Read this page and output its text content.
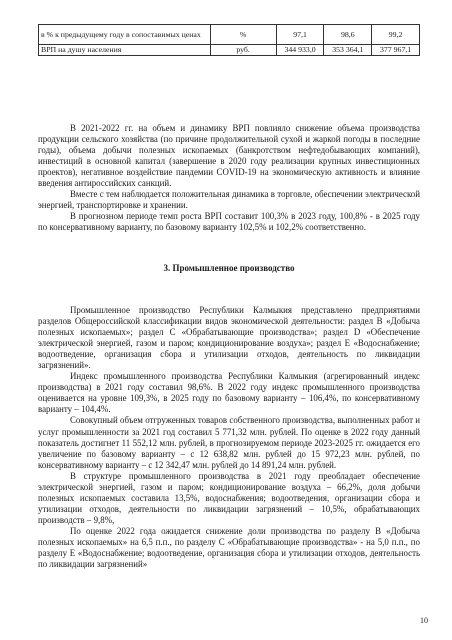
в % к предыдущему году в сопоставимых ценах	%	97,1	98,6	99,2
ВРП на душу населения	руб.	344 933,0	353 364,1	377 967,1

В 2021-2022 гг. на объем и динамику ВРП повлияло снижение объема производства продукции сельского хозяйства (по причине продолжительной сухой и жаркой погоды в последние годы), объема добычи полезных ископаемых (банкротством нефтедобывающих компаний), инвестиций в основной капитал (завершение в 2020 году реализации крупных инвестиционных проектов), негативное воздействие пандемии COVID-19 на экономическую активность и влияние введения антироссийских санкций.

Вместе с тем наблюдается положительная динамика в торговле, обеспечении электрической энергией, транспортировке и хранении.

В прогнозном периоде темп роста ВРП составит 100,3% в 2023 году, 100,8% - в 2025 году по консервативному варианту, по базовому варианту 102,5% и 102,2% соответственно.

3. Промышленное производство

Промышленное производство Республики Калмыкия представлено предприятиями разделов Общероссийской классификации видов экономической деятельности: раздел В «Добыча полезных ископаемых»; раздел С «Обрабатывающие производства»; раздел D «Обеспечение электрической энергией, газом и паром; кондиционирование воздуха»; раздел Е «Водоснабжение; водоотведение, организация сбора и утилизации отходов, деятельность по ликвидации загрязнений».

Индекс промышленного производства Республики Калмыкия (агрегированный индекс производства) в 2021 году составил 98,6%. В 2022 году индекс промышленного производства оценивается на уровне 109,3%, в 2025 году по базовому варианту – 106,4%, по консервативному варианту – 104,4%.

Совокупный объем отгруженных товаров собственного производства, выполненных работ и услуг промышленности за 2021 год составил 5 771,32 млн. рублей. По оценке в 2022 году данный показатель достигнет 11 552,12 млн. рублей, в прогнозируемом периоде 2023-2025 гг. ожидается его увеличение по базовому варианту – с 12 638,82 млн. рублей до 15 972,23 млн. рублей, по консервативному варианту – с 12 342,47 млн. рублей до 14 891,24 млн. рублей.

В структуре промышленного производства в 2021 году преобладает обеспечение электрической энергией, газом и паром; кондиционирование воздуха – 66,2%, доля добычи полезных ископаемых составила 13,5%, водоснабжения; водоотведения, организации сбора и утилизации отходов, деятельности по ликвидации загрязнений – 10,5%, обрабатывающих производств – 9,8%,

По оценке 2022 года ожидается снижение доли производства по разделу В «Добыча полезных ископаемых» на 6,5 п.п., по разделу С «Обрабатывающие производства» - на 5,0 п.п., по разделу Е «Водоснабжение; водоотведение, организация сбора и утилизации отходов, деятельность по ликвидации загрязнений»

10
